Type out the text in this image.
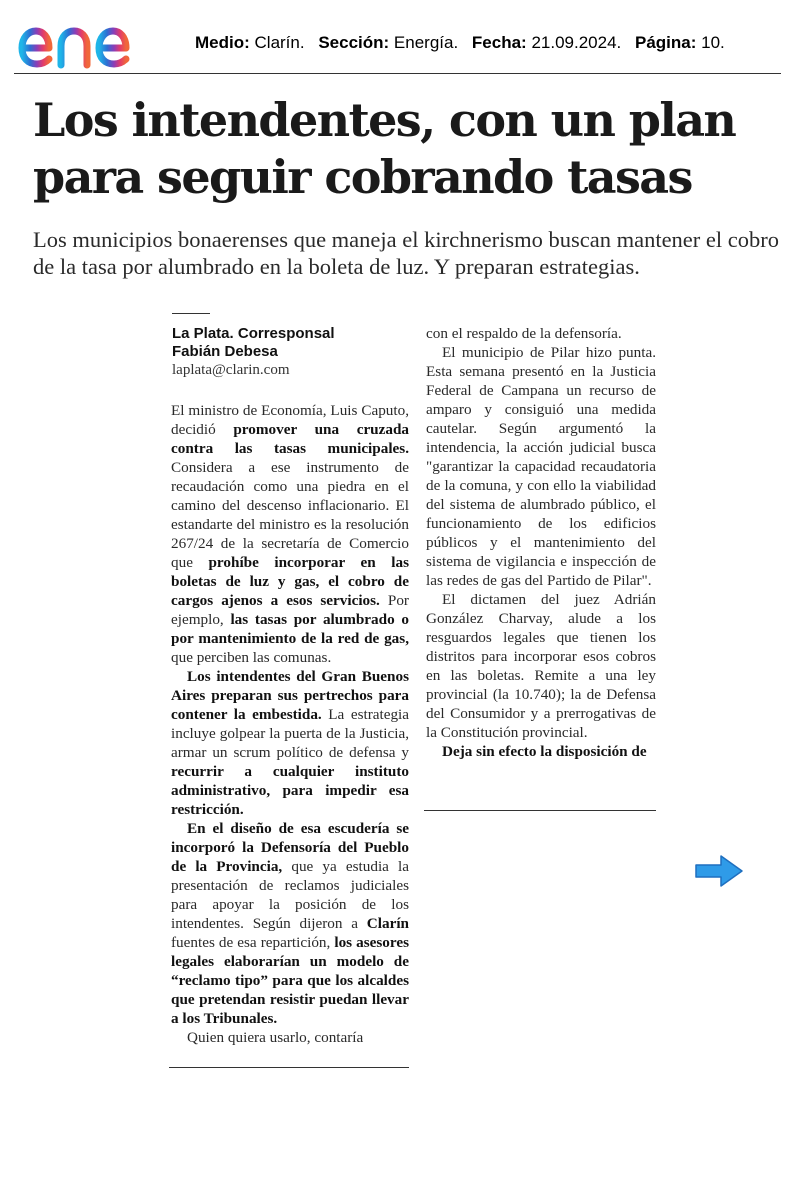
Medio: Clarín. Sección: Energía. Fecha: 21.09.2024. Página: 10.
Los intendentes, con un plan
para seguir cobrando tasas

Los municipios bonaerenses que maneja el kirchnerismo buscan mantener el cobro de la tasa por alumbrado en la boleta de luz. Y preparan estrategias.

La Plata. Corresponsal
Fabián Debesa
laplata@clarin.com

El ministro de Economía, Luis Caputo, decidió promover una cruzada contra las tasas municipales. Considera a ese instrumento de recaudación como una piedra en el camino del descenso inflacionario. El estandarte del ministro es la resolución 267/24 de la secretaría de Comercio que prohíbe incorporar en las boletas de luz y gas, el cobro de cargos ajenos a esos servicios. Por ejemplo, las tasas por alumbrado o por mantenimiento de la red de gas, que perciben las comunas.

Los intendentes del Gran Buenos Aires preparan sus pertrechos para contener la embestida. La estrategia incluye golpear la puerta de la Justicia, armar un scrum político de defensa y recurrir a cualquier instituto administrativo, para impedir esa restricción.

En el diseño de esa escudería se incorporó la Defensoría del Pueblo de la Provincia, que ya estudia la presentación de reclamos judiciales para apoyar la posición de los intendentes. Según dijeron a Clarín fuentes de esa repartición, los asesores legales elaborarían un modelo de “reclamo tipo” para que los alcaldes que pretendan resistir puedan llevar a los Tribunales.

Quien quiera usarlo, contaría

con el respaldo de la defensoría.

El municipio de Pilar hizo punta. Esta semana presentó en la Justicia Federal de Campana un recurso de amparo y consiguió una medida cautelar. Según argumentó la intendencia, la acción judicial busca "garantizar la capacidad recaudatoria de la comuna, y con ello la viabilidad del sistema de alumbrado público, el funcionamiento de los edificios públicos y el mantenimiento del sistema de vigilancia e inspección de las redes de gas del Partido de Pilar".

El dictamen del juez Adrián González Charvay, alude a los resguardos legales que tienen los distritos para incorporar esos cobros en las boletas. Remite a una ley provincial (la 10.740); la de Defensa del Consumidor y a prerrogativas de la Constitución provincial.

Deja sin efecto la disposición de
